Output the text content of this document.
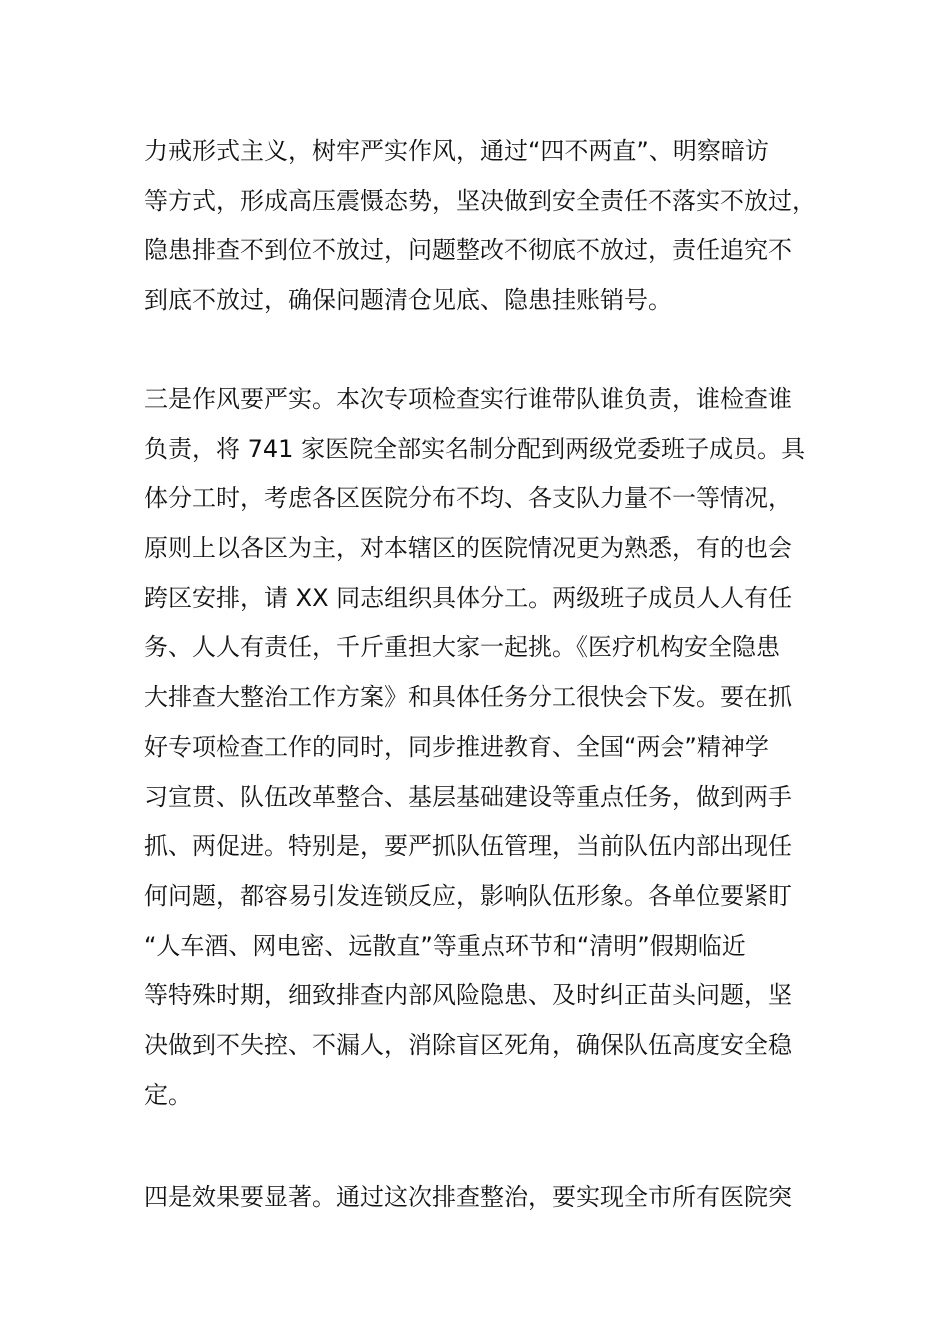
力戒形式主义，树牢严实作风，通过“四不两直”、明察暗访
等方式，形成高压震慑态势，坚决做到安全责任不落实不放过，
隐患排查不到位不放过，问题整改不彻底不放过，责任追究不
到底不放过，确保问题清仓见底、隐患挂账销号。

三是作风要严实。本次专项检查实行谁带队谁负责，谁检查谁
负责，将 741 家医院全部实名制分配到两级党委班子成员。具
体分工时，考虑各区医院分布不均、各支队力量不一等情况，
原则上以各区为主，对本辖区的医院情况更为熟悉，有的也会
跨区安排，请 XX 同志组织具体分工。两级班子成员人人有任
务、人人有责任，千斤重担大家一起挑。《医疗机构安全隐患
大排查大整治工作方案》和具体任务分工很快会下发。要在抓
好专项检查工作的同时，同步推进教育、全国“两会”精神学
习宣贯、队伍改革整合、基层基础建设等重点任务，做到两手
抓、两促进。特别是，要严抓队伍管理，当前队伍内部出现任
何问题，都容易引发连锁反应，影响队伍形象。各单位要紧盯
“人车酒、网电密、远散直”等重点环节和“清明”假期临近
等特殊时期，细致排查内部风险隐患、及时纠正苗头问题，坚
决做到不失控、不漏人，消除盲区死角，确保队伍高度安全稳
定。

四是效果要显著。通过这次排查整治，要实现全市所有医院突
